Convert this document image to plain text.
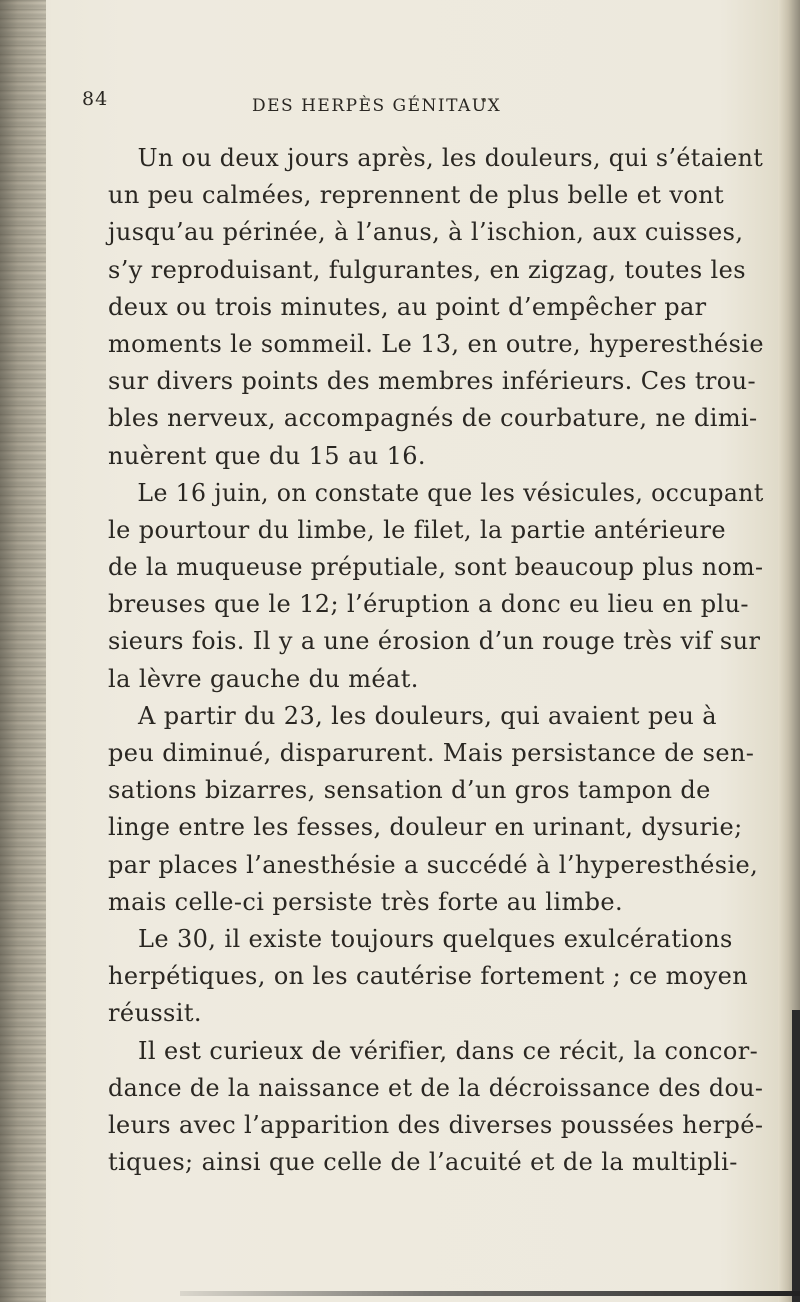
84	DES HERPÈS GÉNITAUX
Un ou deux jours après, les douleurs, qui s’étaient
un peu calmées, reprennent de plus belle et vont
jusqu’au périnée, à l’anus, à l’ischion, aux cuisses,
s’y reproduisant, fulgurantes, en zigzag, toutes les
deux ou trois minutes, au point d’empêcher par
moments le sommeil. Le 13, en outre, hyperesthésie
sur divers points des membres inférieurs. Ces trou-
bles nerveux, accompagnés de courbature, ne dimi-
nuèrent que du 15 au 16.
Le 16 juin, on constate que les vésicules, occupant
le pourtour du limbe, le filet, la partie antérieure
de la muqueuse préputiale, sont beaucoup plus nom-
breuses que le 12; l’éruption a donc eu lieu en plu-
sieurs fois. Il y a une érosion d’un rouge très vif sur
la lèvre gauche du méat.
A partir du 23, les douleurs, qui avaient peu à
peu diminué, disparurent. Mais persistance de sen-
sations bizarres, sensation d’un gros tampon de
linge entre les fesses, douleur en urinant, dysurie;
par places l’anesthésie a succédé à l’hyperesthésie,
mais celle-ci persiste très forte au limbe.
Le 30, il existe toujours quelques exulcérations
herpétiques, on les cautérise fortement ; ce moyen
réussit.
Il est curieux de vérifier, dans ce récit, la concor-
dance de la naissance et de la décroissance des dou-
leurs avec l’apparition des diverses poussées herpé-
tiques; ainsi que celle de l’acuité et de la multipli-
